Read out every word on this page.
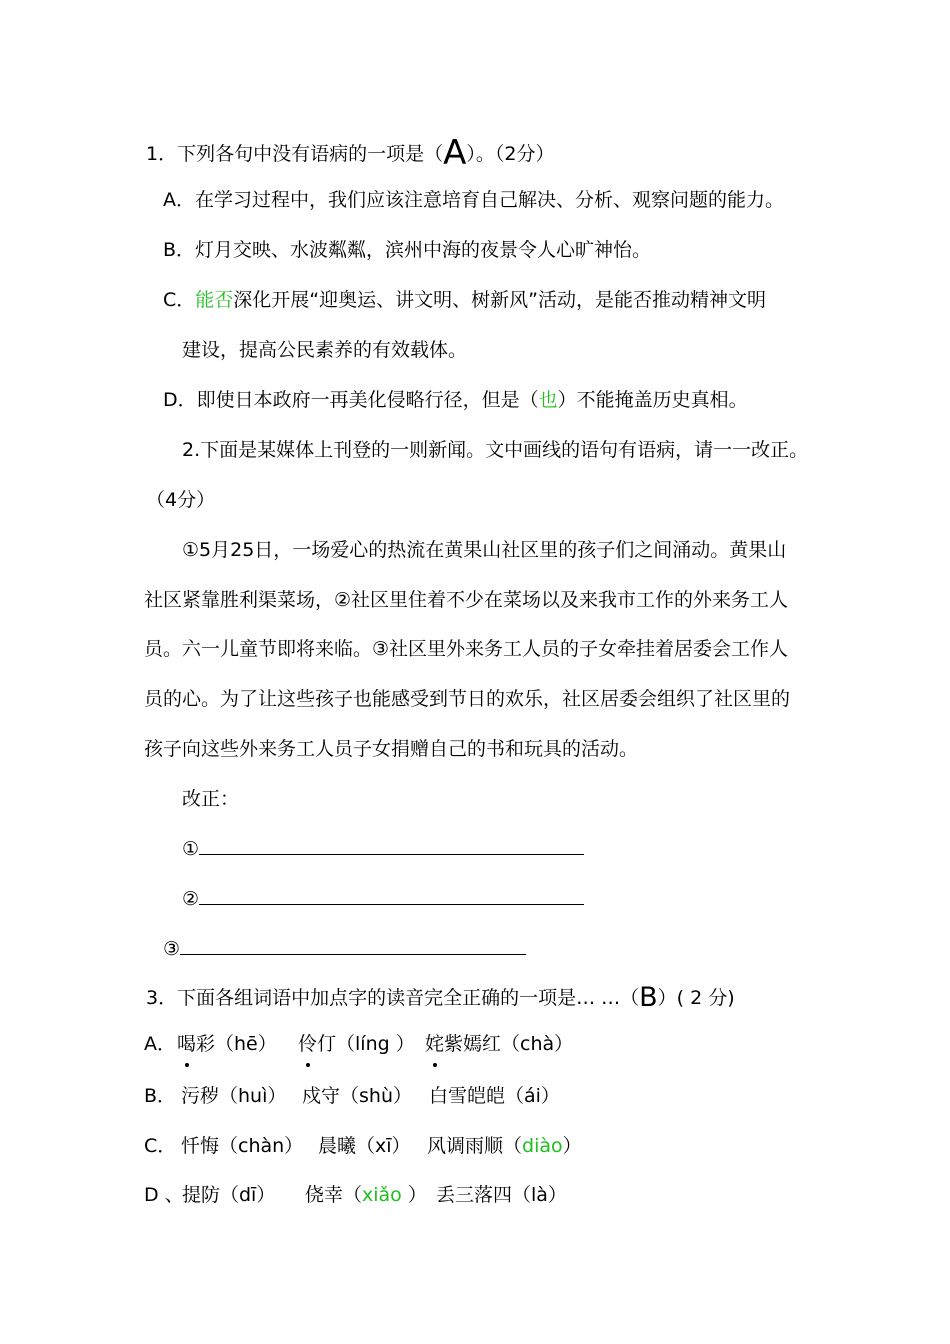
1．下列各句中没有语病的一项是（A）。（2分）
A．在学习过程中，我们应该注意培育自己解决、分析、观察问题的能力。
B．灯月交映、水波粼粼，滨州中海的夜景令人心旷神怡。
C．能否深化开展“迎奥运、讲文明、树新风”活动，是能否推动精神文明
建设，提高公民素养的有效载体。
D．即使日本政府一再美化侵略行径，但是（也）不能掩盖历史真相。
2.下面是某媒体上刊登的一则新闻。文中画线的语句有语病，请一一改正。
（4分）
①5月25日，一场爱心的热流在黄果山社区里的孩子们之间涌动。黄果山
社区紧靠胜利渠菜场，②社区里住着不少在菜场以及来我市工作的外来务工人
员。六一儿童节即将来临。③社区里外来务工人员的子女牵挂着居委会工作人
员的心。为了让这些孩子也能感受到节日的欢乐，社区居委会组织了社区里的
孩子向这些外来务工人员子女捐赠自己的书和玩具的活动。
改正：
①
②
③
3．下面各组词语中加点字的读音完全正确的一项是… …（B）( 2 分)
A．喝彩（hē） 伶仃（líng ） 姹紫嫣红（chà）
B． 污秽（huì） 戍守（shù） 白雪皑皑（ái）
C． 忏悔（chàn） 晨曦（xī） 风调雨顺（diào）
D 、提防（dī） 侥幸（xiǎo ） 丢三落四（là）
